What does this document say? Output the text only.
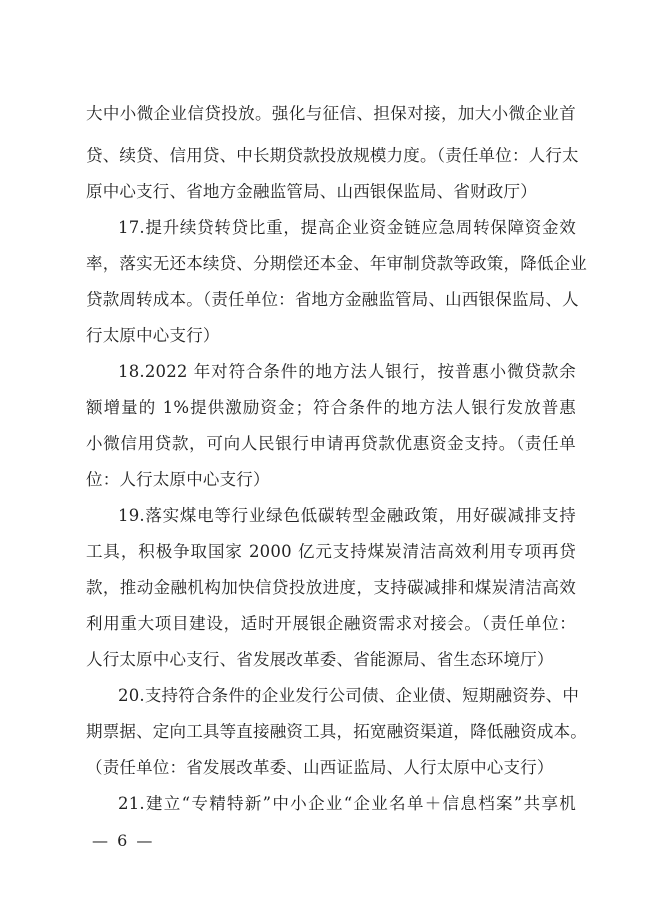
大中小微企业信贷投放。强化与征信、担保对接，加大小微企业首
贷、续贷、信用贷、中长期贷款投放规模力度。（责任单位：人行太
原中心支行、省地方金融监管局、山西银保监局、省财政厅）
17.提升续贷转贷比重，提高企业资金链应急周转保障资金效
率，落实无还本续贷、分期偿还本金、年审制贷款等政策，降低企业
贷款周转成本。（责任单位：省地方金融监管局、山西银保监局、人
行太原中心支行）
18.2022 年对符合条件的地方法人银行，按普惠小微贷款余
额增量的 1%提供激励资金；符合条件的地方法人银行发放普惠
小微信用贷款，可向人民银行申请再贷款优惠资金支持。（责任单
位：人行太原中心支行）
19.落实煤电等行业绿色低碳转型金融政策，用好碳减排支持
工具，积极争取国家 2000 亿元支持煤炭清洁高效利用专项再贷
款，推动金融机构加快信贷投放进度，支持碳减排和煤炭清洁高效
利用重大项目建设，适时开展银企融资需求对接会。（责任单位：
人行太原中心支行、省发展改革委、省能源局、省生态环境厅）
20.支持符合条件的企业发行公司债、企业债、短期融资券、中
期票据、定向工具等直接融资工具，拓宽融资渠道，降低融资成本。
（责任单位：省发展改革委、山西证监局、人行太原中心支行）
21.建立“专精特新”中小企业“企业名单＋信息档案”共享机
— 6 —
